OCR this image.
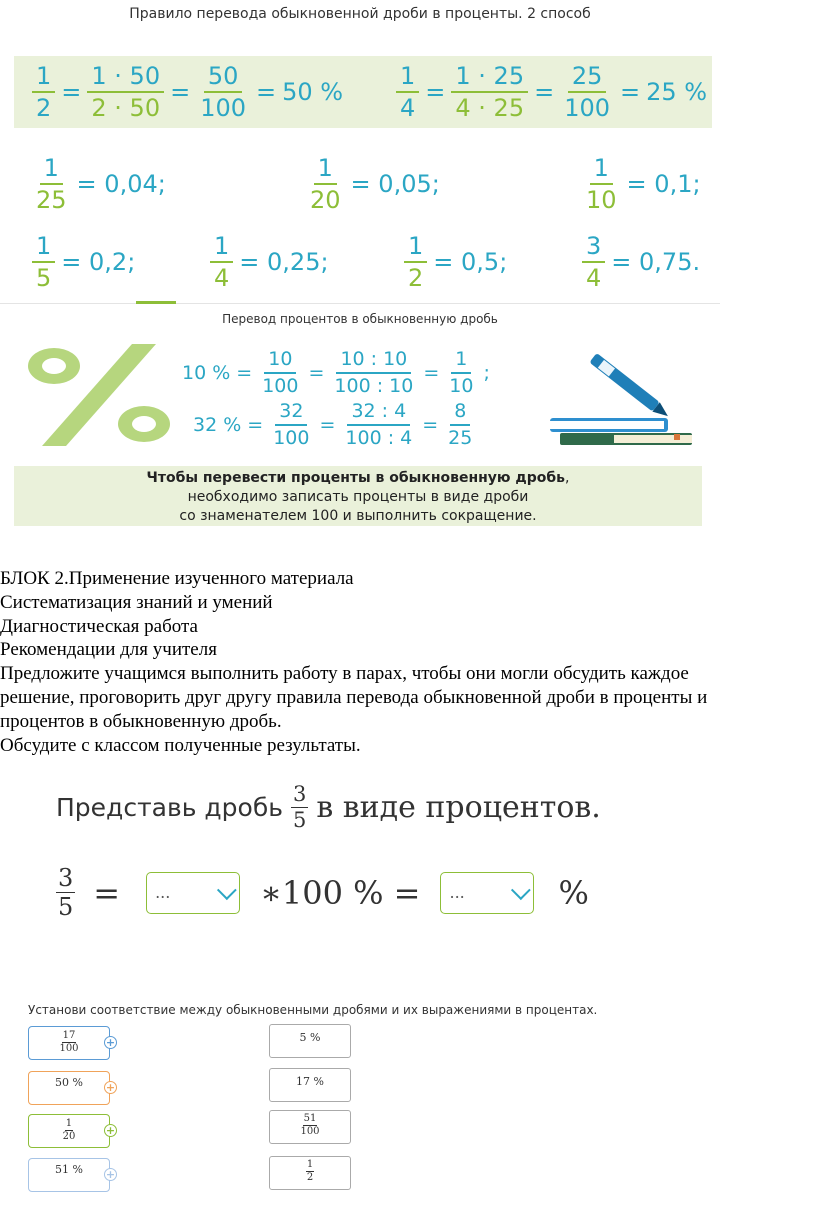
Правило перевода обыкновенной дроби в проценты. 2 способ
$\frac{1}{2} = \frac{1 \cdot 50}{2 \cdot 50} = \frac{50}{100} = 50$ % $\frac{1}{4} = \frac{1 \cdot 25}{4 \cdot 25} = \frac{25}{100} = 25$ %
$\frac{1}{25} = 0,04$;	$\frac{1}{20} = 0,05$;	$\frac{1}{10} = 0,1$;
$\frac{1}{5} = 0,2$;	$\frac{1}{4} = 0,25$;	$\frac{1}{2} = 0,5$;	$\frac{3}{4} = 0,75$.
Перевод процентов в обыкновенную дробь
10 % = $\frac{10}{100} = \frac{10 : 10}{100 : 10} = \frac{1}{10}$ ;
32 % = $\frac{32}{100} = \frac{32 : 4}{100 : 4} = \frac{8}{25}$
Чтобы перевести проценты в обыкновенную дробь,
необходимо записать проценты в виде дроби
со знаменателем 100 и выполнить сокращение.
БЛОК 2.Применение изученного материала
Систематизация знаний и умений
Диагностическая работа
Рекомендации для учителя
Предложите учащимся выполнить работу в парах, чтобы они могли обсудить каждое
решение, проговорить друг другу правила перевода обыкновенной дроби в проценты и
процентов в обыкновенную дробь.
Обсудите с классом полученные результаты.
Представь дробь 3
5 в виде процентов.
$\frac{3}{5}$ = ...	∗100 % = ...	%
Установи соответствие между обыкновенными дробями и их выражениями в процентах.
17
100 +
50 % +
1
20	+
51 % +
5 %
17 %
51
100
1
2
